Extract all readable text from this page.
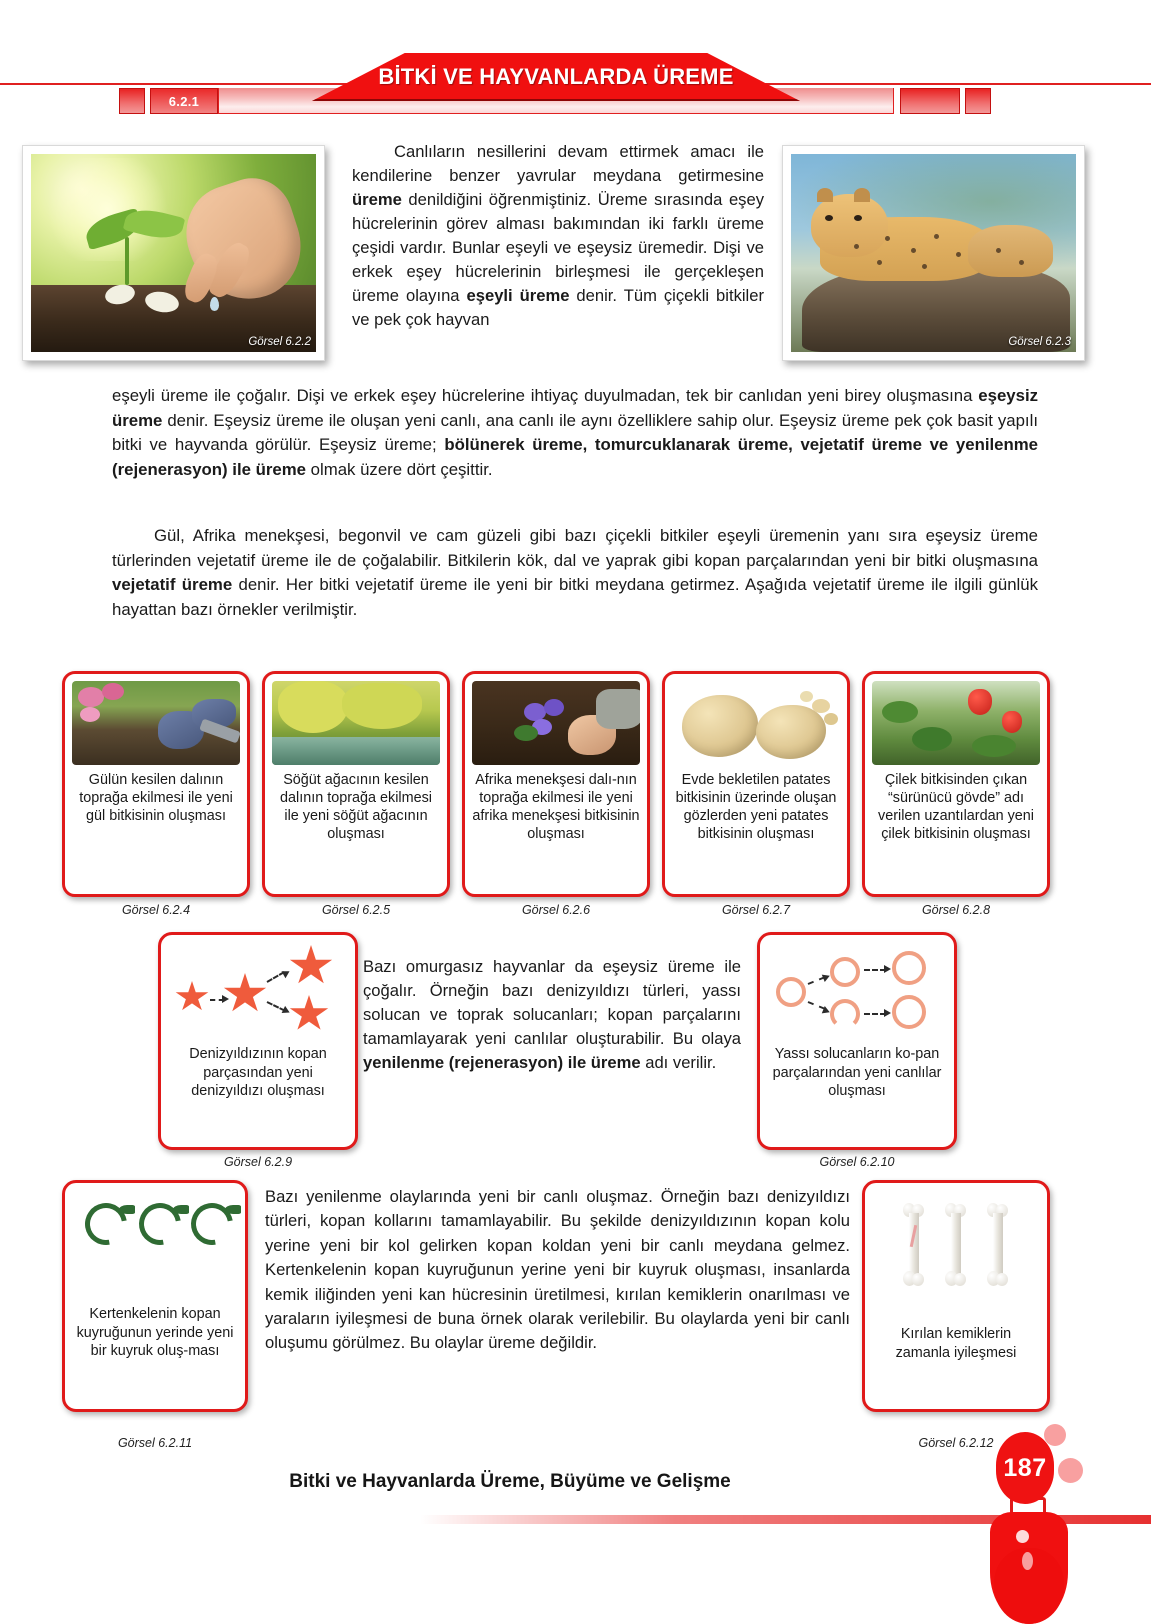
6.2.1
BİTKİ VE HAYVANLARDA ÜREME
Görsel 6.2.2	Görsel 6.2.3
Canlıların nesillerini devam ettirmek amacı ile kendilerine benzer yavrular meydana getirmesine üreme denildiğini öğrenmiştiniz. Üreme sırasında eşey hücrelerinin görev alması bakımından iki farklı üreme çeşidi vardır. Bunlar eşeyli ve eşeysiz üremedir. Dişi ve erkek eşey hücrelerinin birleşmesi ile gerçekleşen üreme olayına eşeyli üreme denir. Tüm çiçekli bitkiler ve pek çok hayvan
eşeyli üreme ile çoğalır. Dişi ve erkek eşey hücrelerine ihtiyaç duyulmadan, tek bir canlıdan yeni birey oluşmasına eşeysiz üreme denir. Eşeysiz üreme ile oluşan yeni canlı, ana canlı ile aynı özelliklere sahip olur. Eşeysiz üreme pek çok basit yapılı bitki ve hayvanda görülür. Eşeysiz üreme; bölünerek üreme, tomurcuklanarak üreme, vejetatif üreme ve yenilenme (rejenerasyon) ile üreme olmak üzere dört çeşittir.
Gül, Afrika menekşesi, begonvil ve cam güzeli gibi bazı çiçekli bitkiler eşeyli üremenin yanı sıra eşeysiz üreme türlerinden vejetatif üreme ile de çoğalabilir. Bitkilerin kök, dal ve yaprak gibi kopan parçalarından yeni bir bitki oluşmasına vejetatif üreme denir. Her bitki vejetatif üreme ile yeni bir bitki meydana getirmez. Aşağıda vejetatif üreme ile ilgili günlük hayattan bazı örnekler verilmiştir.
Gülün kesilen dalının toprağa ekilmesi ile yeni gül bitkisinin oluşması
Görsel 6.2.4
Söğüt ağacının kesilen dalının toprağa ekilmesi ile yeni söğüt ağacının oluşması
Görsel 6.2.5
Afrika menekşesi dalı-nın toprağa ekilmesi ile yeni afrika menekşesi bitkisinin oluşması
Görsel 6.2.6
Evde bekletilen patates bitkisinin üzerinde oluşan gözlerden yeni patates bitkisinin oluşması
Görsel 6.2.7
Çilek bitkisinden çıkan “sürünücü gövde” adı verilen uzantılardan yeni çilek bitkisinin oluşması
Görsel 6.2.8
Denizyıldızının kopan parçasından yeni denizyıldızı oluşması
Görsel 6.2.9
Yassı solucanların ko-pan parçalarından yeni canlılar oluşması
Görsel 6.2.10
Bazı omurgasız hayvanlar da eşeysiz üreme ile çoğalır. Örneğin bazı denizyıldızı türleri, yassı solucan ve toprak solucanları; kopan parçalarını tamamlayarak yeni canlılar oluşturabilir. Bu olaya yenilenme (rejenerasyon) ile üreme adı verilir.
Kertenkelenin kopan kuyruğunun yerinde yeni bir kuyruk oluş-ması
Görsel 6.2.11
Kırılan kemiklerin zamanla iyileşmesi
Görsel 6.2.12
Bazı yenilenme olaylarında yeni bir canlı oluşmaz. Örneğin bazı denizyıldızı türleri, kopan kollarını tamamlayabilir. Bu şekilde denizyıldızının kopan kolu yerine yeni bir kol gelirken kopan koldan yeni bir canlı meydana gelmez. Kertenkelenin kopan kuyruğunun yerine yeni bir kuyruk oluşması, insanlarda kemik iliğinden yeni kan hücresinin üretilmesi, kırılan kemiklerin onarılması ve yaraların iyileşmesi de buna örnek olarak verilebilir. Bu olaylarda yeni bir canlı oluşumu görülmez. Bu olaylar üreme değildir.
Bitki ve Hayvanlarda Üreme, Büyüme ve Gelişme	187
